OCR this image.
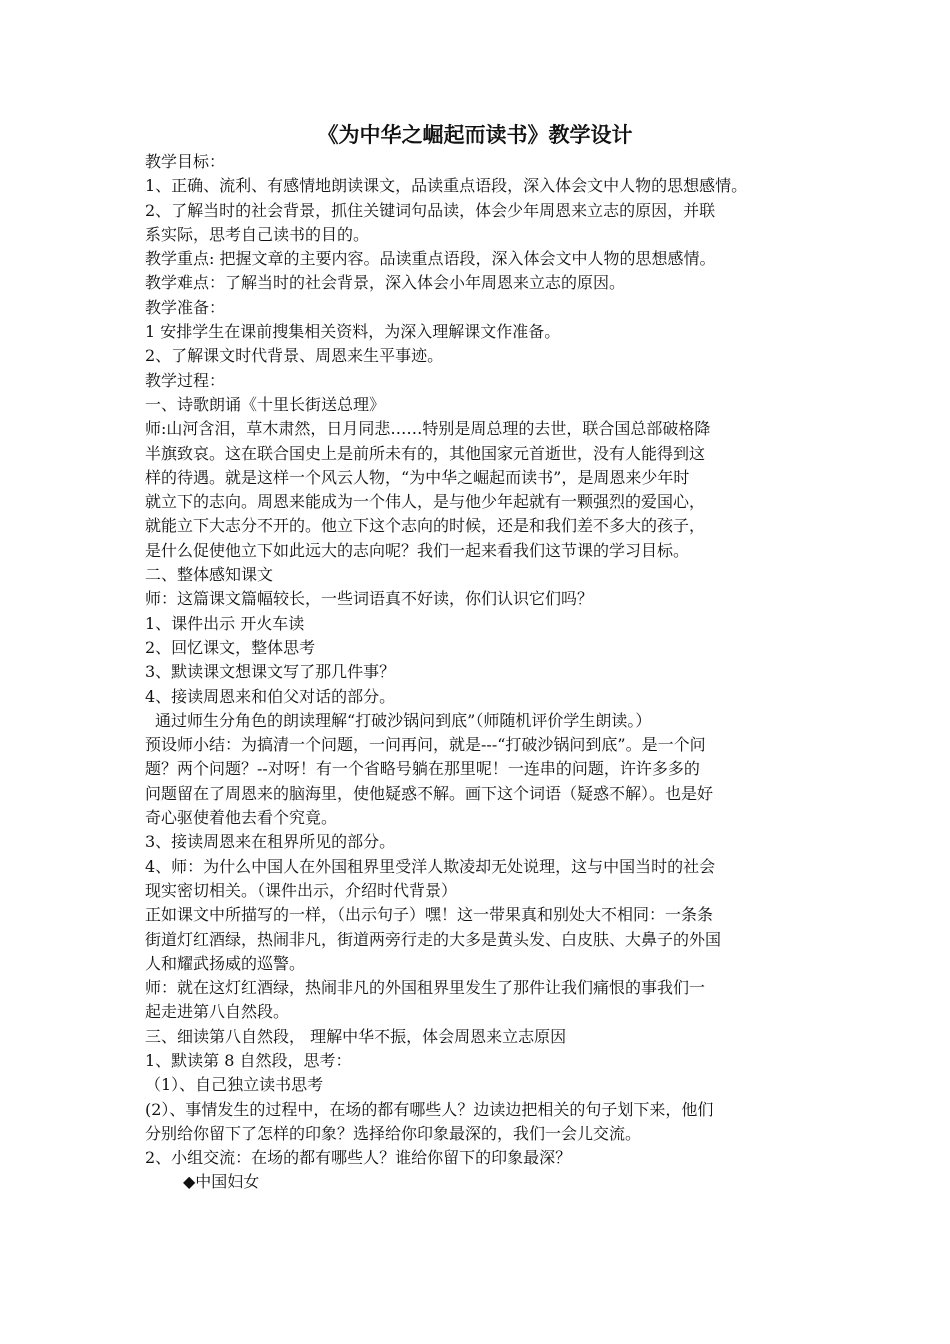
《为中华之崛起而读书》教学设计

教学目标：

1、正确、流利、有感情地朗读课文，品读重点语段，深入体会文中人物的思想感情。

2、了解当时的社会背景，抓住关键词句品读，体会少年周恩来立志的原因，并联

系实际，思考自己读书的目的。

教学重点: 把握文章的主要内容。品读重点语段，深入体会文中人物的思想感情。

教学难点：了解当时的社会背景，深入体会小年周恩来立志的原因。

教学准备：

1 安排学生在课前搜集相关资料，为深入理解课文作准备。

2、了解课文时代背景、周恩来生平事迹。

教学过程：

一、诗歌朗诵《十里长街送总理》

师:山河含泪，草木肃然，日月同悲……特别是周总理的去世，联合国总部破格降

半旗致哀。这在联合国史上是前所未有的，其他国家元首逝世，没有人能得到这

样的待遇。就是这样一个风云人物，“为中华之崛起而读书”，是周恩来少年时

就立下的志向。周恩来能成为一个伟人，是与他少年起就有一颗强烈的爱国心，

就能立下大志分不开的。他立下这个志向的时候，还是和我们差不多大的孩子，

是什么促使他立下如此远大的志向呢？我们一起来看我们这节课的学习目标。

二、整体感知课文

师：这篇课文篇幅较长，一些词语真不好读，你们认识它们吗？

1、课件出示 开火车读

2、回忆课文，整体思考

3、默读课文想课文写了那几件事？

4、接读周恩来和伯父对话的部分。

通过师生分角色的朗读理解“打破沙锅问到底”（师随机评价学生朗读。）

预设师小结：为搞清一个问题，一问再问，就是---“打破沙锅问到底”。是一个问

题？两个问题？--对呀！有一个省略号躺在那里呢！一连串的问题，许许多多的

问题留在了周恩来的脑海里，使他疑惑不解。画下这个词语（疑惑不解）。也是好

奇心驱使着他去看个究竟。

3、接读周恩来在租界所见的部分。

4、师：为什么中国人在外国租界里受洋人欺凌却无处说理，这与中国当时的社会

现实密切相关。（课件出示，介绍时代背景）

正如课文中所描写的一样，（出示句子）嘿！这一带果真和别处大不相同：一条条

街道灯红酒绿，热闹非凡，街道两旁行走的大多是黄头发、白皮肤、大鼻子的外国

人和耀武扬威的巡警。

师：就在这灯红酒绿，热闹非凡的外国租界里发生了那件让我们痛恨的事我们一

起走进第八自然段。

三、细读第八自然段， 理解中华不振，体会周恩来立志原因

1、默读第 8 自然段，思考：

（1）、自己独立读书思考

(2）、事情发生的过程中，在场的都有哪些人？边读边把相关的句子划下来，他们

分别给你留下了怎样的印象？选择给你印象最深的，我们一会儿交流。

2、小组交流：在场的都有哪些人？谁给你留下的印象最深？

◆中国妇女
